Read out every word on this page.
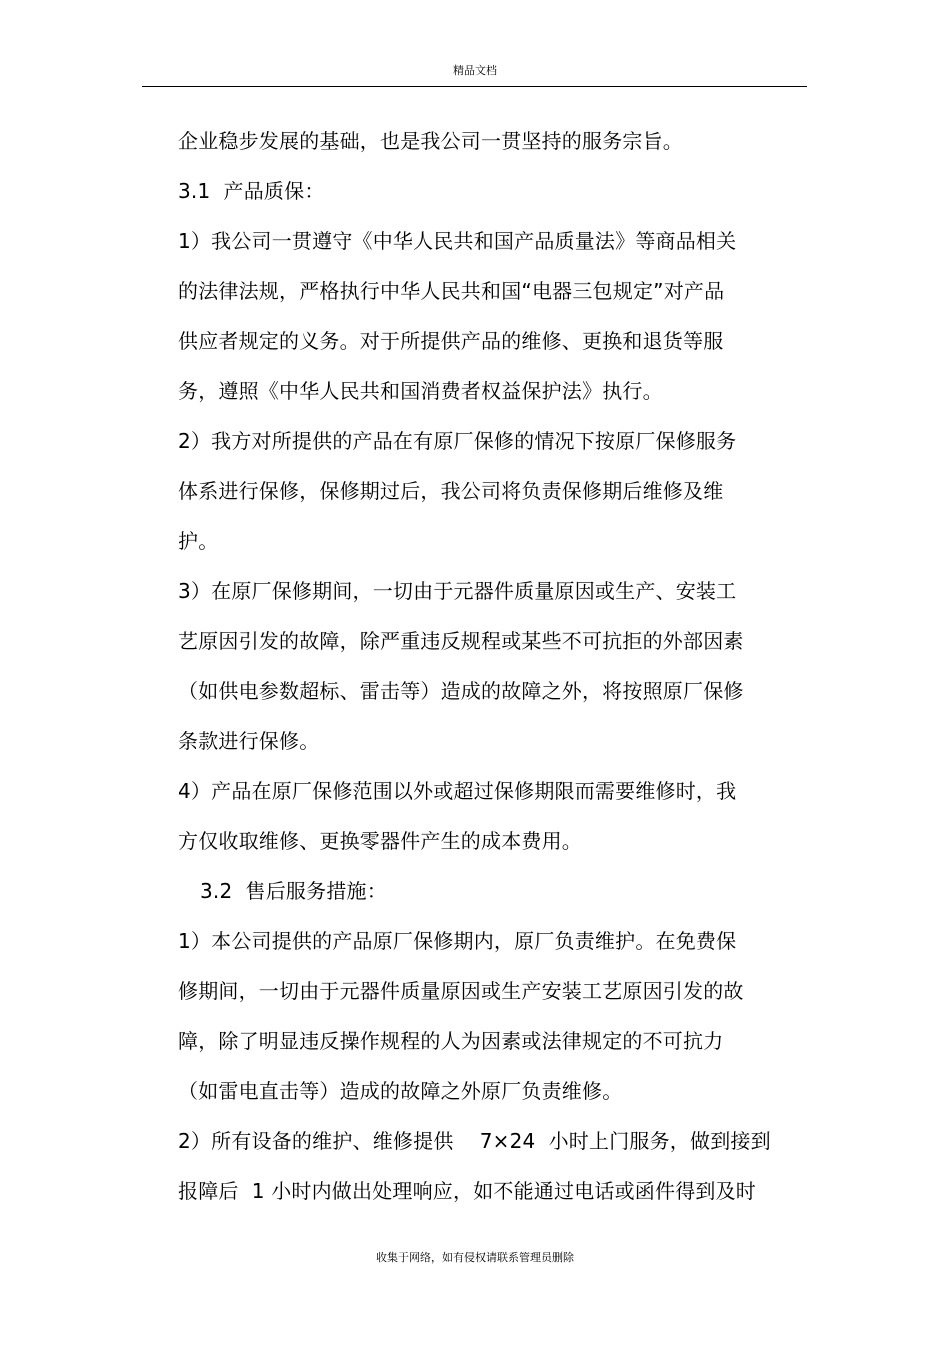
精品文档
企业稳步发展的基础，也是我公司一贯坚持的服务宗旨。
3.1  产品质保：
1）我公司一贯遵守《中华人民共和国产品质量法》等商品相关
的法律法规，严格执行中华人民共和国“电器三包规定”对产品
供应者规定的义务。对于所提供产品的维修、更换和退货等服
务，遵照《中华人民共和国消费者权益保护法》执行。
2）我方对所提供的产品在有原厂保修的情况下按原厂保修服务
体系进行保修，保修期过后，我公司将负责保修期后维修及维
护。
3）在原厂保修期间，一切由于元器件质量原因或生产、安装工
艺原因引发的故障，除严重违反规程或某些不可抗拒的外部因素
（如供电参数超标、雷击等）造成的故障之外，将按照原厂保修
条款进行保修。
4）产品在原厂保修范围以外或超过保修期限而需要维修时，我
方仅收取维修、更换零器件产生的成本费用。
3.2  售后服务措施：
1）本公司提供的产品原厂保修期内，原厂负责维护。在免费保
修期间，一切由于元器件质量原因或生产安装工艺原因引发的故
障，除了明显违反操作规程的人为因素或法律规定的不可抗力
（如雷电直击等）造成的故障之外原厂负责维修。
2）所有设备的维护、维修提供    7×24  小时上门服务，做到接到
报障后  1 小时内做出处理响应，如不能通过电话或函件得到及时
收集于网络，如有侵权请联系管理员删除
